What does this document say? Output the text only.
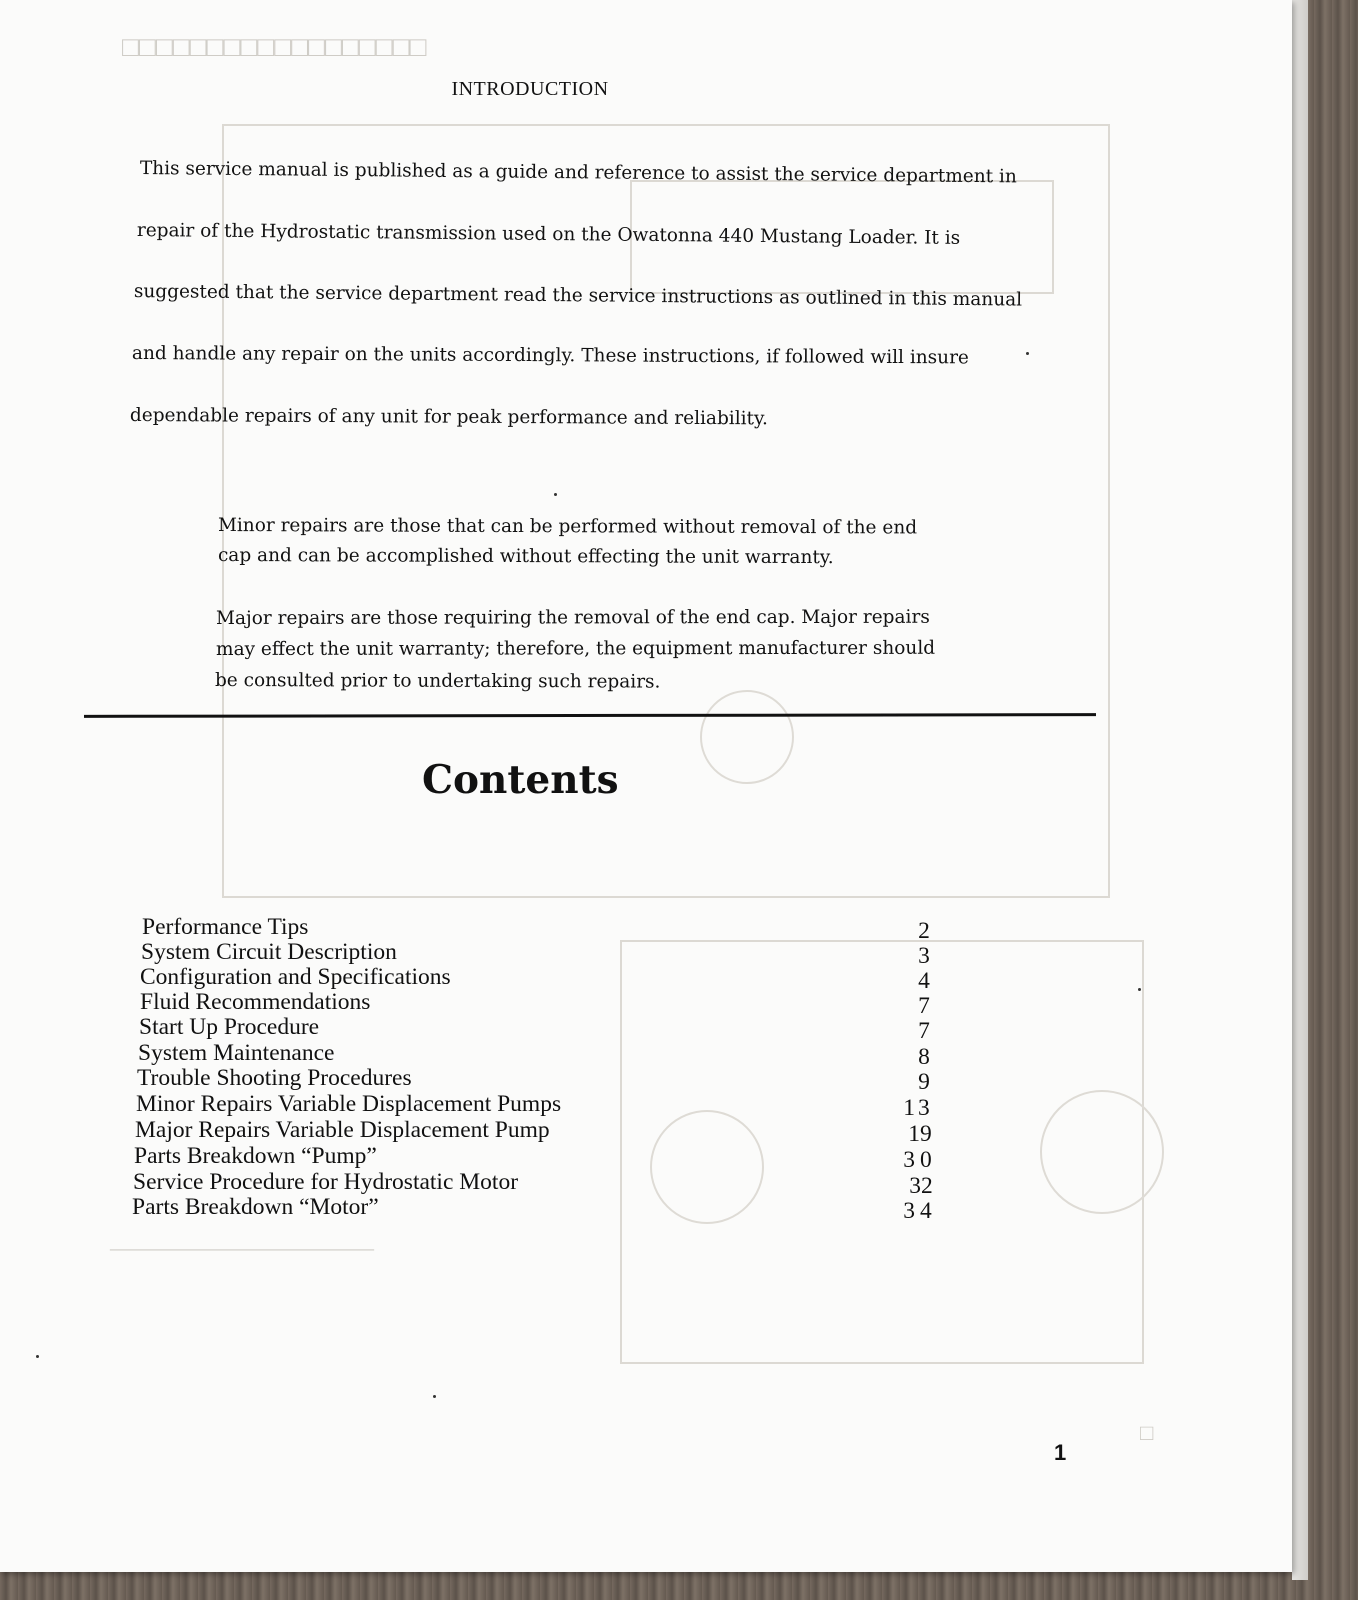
□□□□□□□□□□□□□□□□□□
————————————
□
INTRODUCTION
This service manual is published as a guide and reference to assist the service department in
repair of the Hydrostatic transmission used on the Owatonna 440 Mustang Loader. It is
suggested that the service department read the service instructions as outlined in this manual
and handle any repair on the units accordingly. These instructions, if followed will insure
dependable repairs of any unit for peak performance and reliability.
Minor repairs are those that can be performed without removal of the end
cap and can be accomplished without effecting the unit warranty.
Major repairs are those requiring the removal of the end cap. Major repairs
may effect the unit warranty; therefore, the equipment manufacturer should
be consulted prior to undertaking such repairs.
Contents
Performance Tips	2
System Circuit Description	3
Configuration and Specifications	4
Fluid Recommendations	7
Start Up Procedure	7
System Maintenance	8
Trouble Shooting Procedures	9
Minor Repairs Variable Displacement Pumps	13
Major Repairs Variable Displacement Pump	19
Parts Breakdown “Pump”	30
Service Procedure for Hydrostatic Motor	32
Parts Breakdown “Motor”	34
1
